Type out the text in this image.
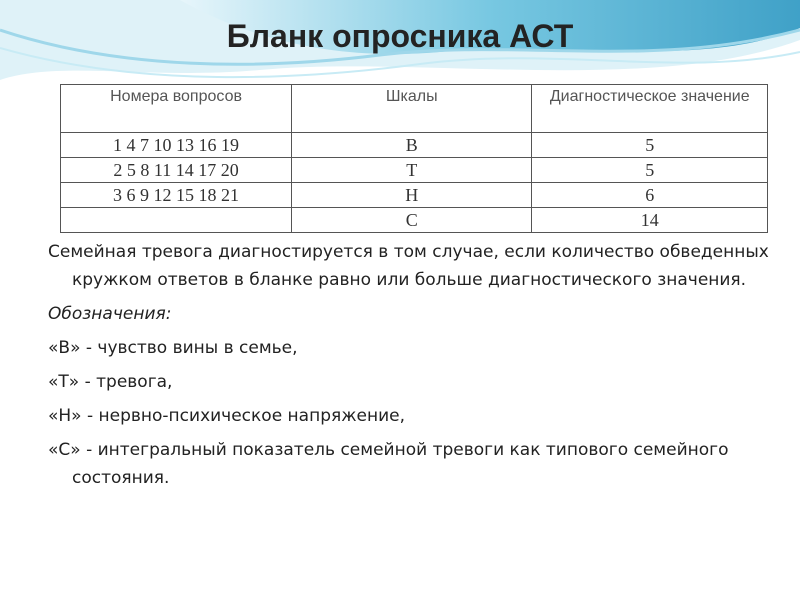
Бланк опросника АСТ
Номера вопросов	Шкалы	Диагностическое значение
1 4 7 10 13 16 19	В	5
2 5 8 11 14 17 20	Т	5
3 6 9 12 15 18 21	Н	6
	С	14

Семейная тревога диагностируется в том случае, если количество обведенных кружком ответов в бланке равно или больше диагностического значения.

Обозначения:

«В» - чувство вины в семье,

«Т» - тревога,

«Н» - нервно-психическое напряжение,

«С» - интегральный показатель семейной тревоги как типового семейного состояния.
